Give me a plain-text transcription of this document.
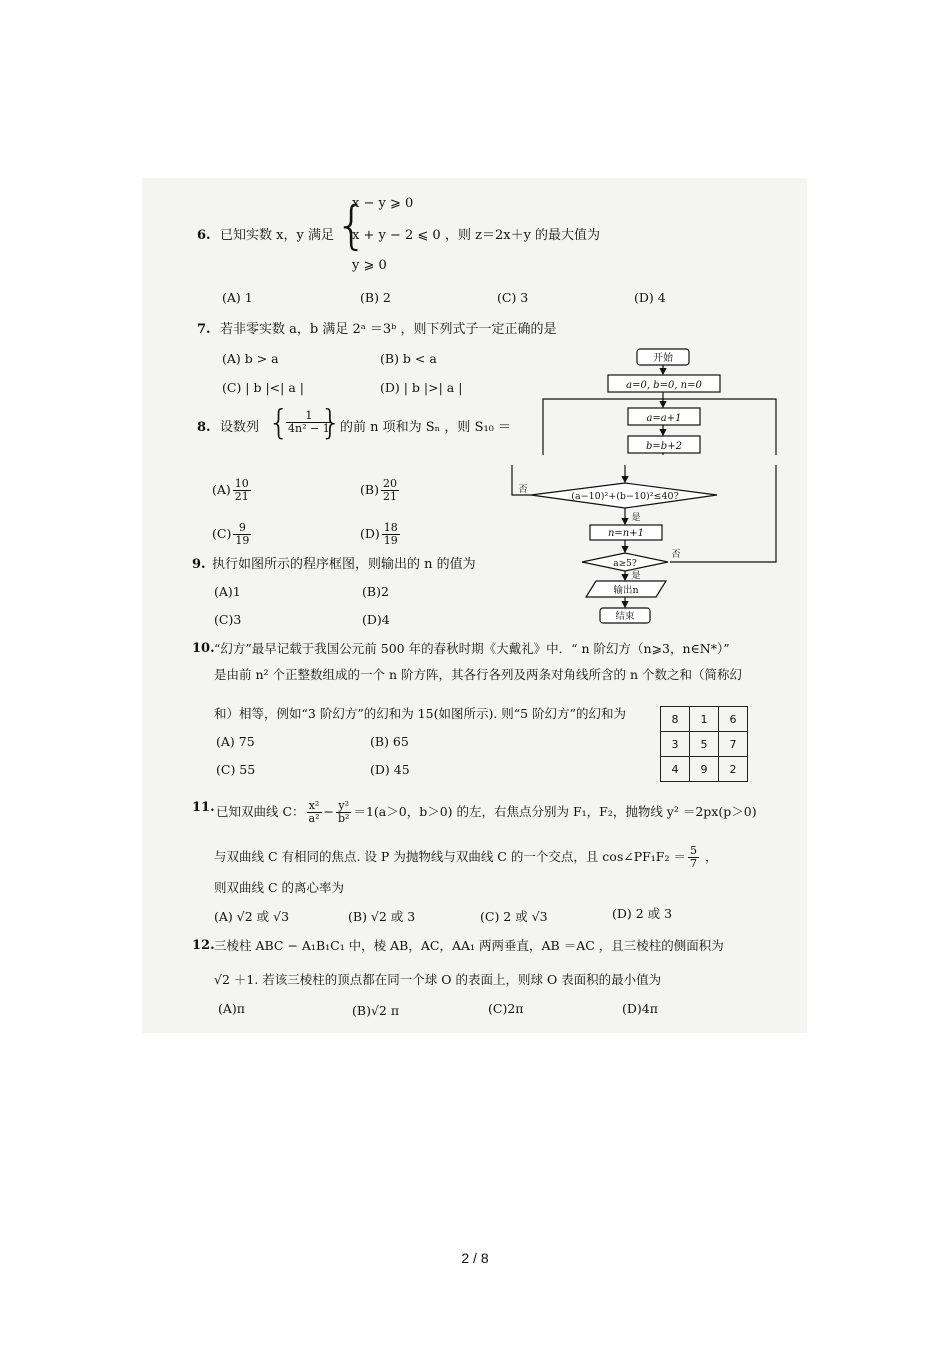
6. 已知实数 x，y 满足 {
x − y ⩾ 0
x + y − 2 ⩽ 0
y ⩾ 0
，则 z＝2x＋y 的最大值为
(A) 1	(B) 2	(C) 3	(D) 4
7. 若非零实数 a，b 满足 2ᵃ ＝3ᵇ ，则下列式子一定正确的是
(A) b > a	(B) b < a
(C) | b |<| a |	(D) | b |>| a |
8. 设数列 {
$\frac{1}{\text{4n² − 1}}$
}
的前 n 项和为 Sₙ ，则 S₁₀ ＝
$(A) \frac{10}{21}$	$(B) \frac{20}{21}$
$(C) \frac{9}{19}$	$(D) \frac{18}{19}$
9. 执行如图所示的程序框图，则输出的 n 的值为
(A)1	(B)2
(C)3	(D)4
开始
a=0, b=0, n=0
a=a+1
b=b+2
(a−10)²+(b−10)²≤40?
否
是
n=n+1
a≥5?
否
是
输出n
结束
10. “幻方”最早记载于我国公元前 500 年的春秋时期《大戴礼》中．“ n 阶幻方（n⩾3，n∈N*）”
是由前 n² 个正整数组成的一个 n 阶方阵，其各行各列及两条对角线所含的 n 个数之和（简称幻
和）相等，例如“3 阶幻方”的幻和为 15(如图所示). 则“5 阶幻方”的幻和为
(A) 75	(B) 65
(C) 55	(D) 45
8	1	6
3	5	7
4	9	2
11. 已知双曲线 C： $\frac{\text{x²}}{\text{a²}} - \frac{\text{y²}}{\text{b²}} =1(a>0$，b＞0) 的左，右焦点分别为 F₁，F₂，抛物线 y² ＝2px(p＞0)
与双曲线 C 有相同的焦点. 设 P 为抛物线与双曲线 C 的一个交点，且 cos∠PF₁F₂ ＝ $\frac{5}{7}$ ，
则双曲线 C 的离心率为
(A) √2 或 √3	(B) √2 或 3	(C) 2 或 √3	(D) 2 或 3
12. 三棱柱 ABC − A₁B₁C₁ 中，棱 AB，AC，AA₁ 两两垂直，AB ＝AC ，且三棱柱的侧面积为
√2 ＋1. 若该三棱柱的顶点都在同一个球 O 的表面上，则球 O 表面积的最小值为
(A)π	(B)√2 π	(C)2π	(D)4π
2 / 8
